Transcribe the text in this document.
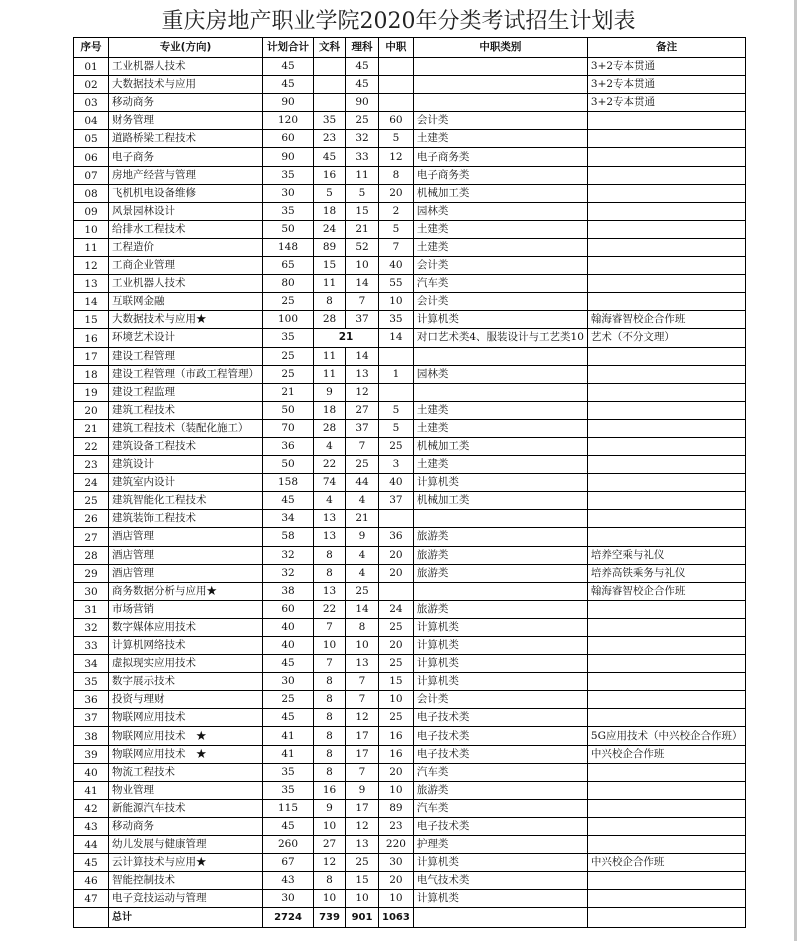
重庆房地产职业学院2020年分类考试招生计划表
序号	专业(方向)	计划合计	文科	理科	中职	中职类别	备注
01	工业机器人技术	45		45			3+2专本贯通
02	大数据技术与应用	45		45			3+2专本贯通
03	移动商务	90		90			3+2专本贯通
04	财务管理	120	35	25	60	会计类	
05	道路桥梁工程技术	60	23	32	5	土建类	
06	电子商务	90	45	33	12	电子商务类	
07	房地产经营与管理	35	16	11	8	电子商务类	
08	飞机机电设备维修	30	5	5	20	机械加工类	
09	风景园林设计	35	18	15	2	园林类	
10	给排水工程技术	50	24	21	5	土建类	
11	工程造价	148	89	52	7	土建类	
12	工商企业管理	65	15	10	40	会计类	
13	工业机器人技术	80	11	14	55	汽车类	
14	互联网金融	25	8	7	10	会计类	
15	大数据技术与应用★	100	28	37	35	计算机类	翰海睿智校企合作班
16	环境艺术设计	35	21		14	对口艺术类4、服装设计与工艺类10	艺术（不分文理）
17	建设工程管理	25	11	14			
18	建设工程管理（市政工程管理）	25	11	13	1	园林类	
19	建设工程监理	21	9	12			
20	建筑工程技术	50	18	27	5	土建类	
21	建筑工程技术（装配化施工）	70	28	37	5	土建类	
22	建筑设备工程技术	36	4	7	25	机械加工类	
23	建筑设计	50	22	25	3	土建类	
24	建筑室内设计	158	74	44	40	计算机类	
25	建筑智能化工程技术	45	4	4	37	机械加工类	
26	建筑装饰工程技术	34	13	21			
27	酒店管理	58	13	9	36	旅游类	
28	酒店管理	32	8	4	20	旅游类	培养空乘与礼仪
29	酒店管理	32	8	4	20	旅游类	培养高铁乘务与礼仪
30	商务数据分析与应用★	38	13	25			翰海睿智校企合作班
31	市场营销	60	22	14	24	旅游类	
32	数字媒体应用技术	40	7	8	25	计算机类	
33	计算机网络技术	40	10	10	20	计算机类	
34	虚拟现实应用技术	45	7	13	25	计算机类	
35	数字展示技术	30	8	7	15	计算机类	
36	投资与理财	25	8	7	10	会计类	
37	物联网应用技术	45	8	12	25	电子技术类	
38	物联网应用技术　★	41	8	17	16	电子技术类	5G应用技术（中兴校企合作班）
39	物联网应用技术　★	41	8	17	16	电子技术类	中兴校企合作班
40	物流工程技术	35	8	7	20	汽车类	
41	物业管理	35	16	9	10	旅游类	
42	新能源汽车技术	115	9	17	89	汽车类	
43	移动商务	45	10	12	23	电子技术类	
44	幼儿发展与健康管理	260	27	13	220	护理类	
45	云计算技术与应用★	67	12	25	30	计算机类	中兴校企合作班
46	智能控制技术	43	8	15	20	电气技术类	
47	电子竞技运动与管理	30	10	10	10	计算机类	
	总计	2724	739	901	1063		
